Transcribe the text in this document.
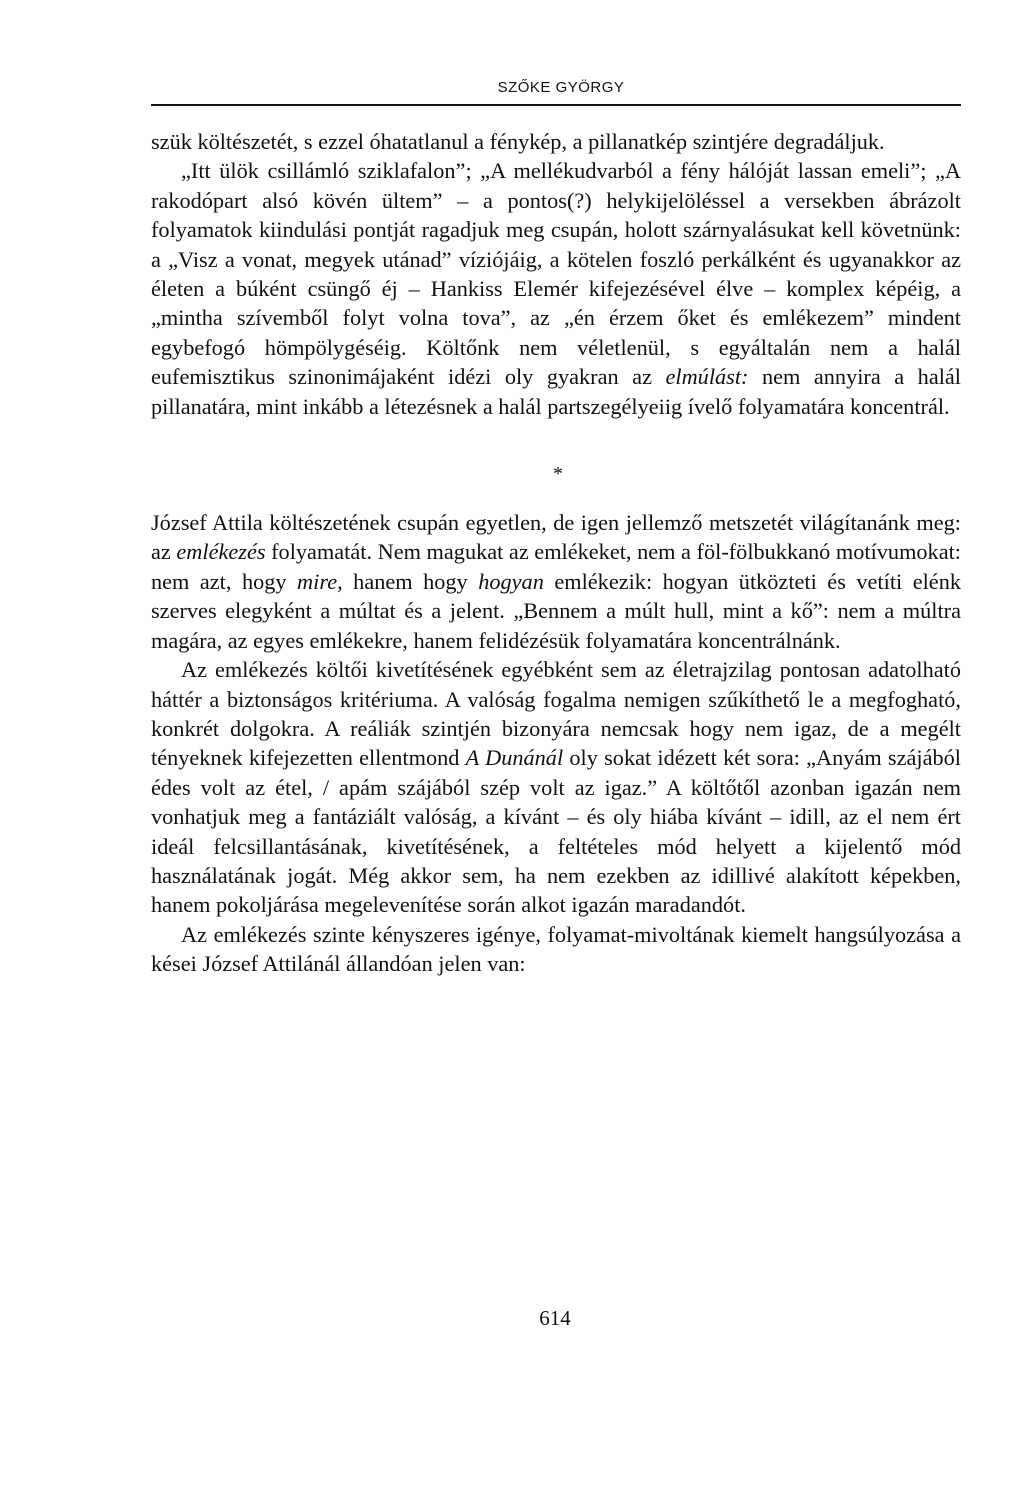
SZŐKE GYÖRGY

szük költészetét, s ezzel óhatatlanul a fénykép, a pillanatkép szintjére degradáljuk.

„Itt ülök csillámló sziklafalon”; „A mellékudvarból a fény hálóját lassan emeli”; „A rakodópart alsó kövén ültem” – a pontos(?) helykijelöléssel a versekben ábrázolt folyamatok kiindulási pontját ragadjuk meg csupán, holott szárnyalásukat kell követnünk: a „Visz a vonat, megyek utánad” víziójáig, a kötelen foszló perkálként és ugyanakkor az életen a búként csüngő éj – Hankiss Elemér kifejezésével élve – komplex képéig, a „mintha szívemből folyt volna tova”, az „én érzem őket és emlékezem” mindent egybefogó hömpölygéséig. Költőnk nem véletlenül, s egyáltalán nem a halál eufemisztikus szinonimájaként idézi oly gyakran az elmúlást: nem annyira a halál pillanatára, mint inkább a létezésnek a halál partszegélyeiig ívelő folyamatára koncentrál.

*

József Attila költészetének csupán egyetlen, de igen jellemző metszetét világítanánk meg: az emlékezés folyamatát. Nem magukat az emlékeket, nem a föl-fölbukkanó motívumokat: nem azt, hogy mire, hanem hogy hogyan emlékezik: hogyan ütközteti és vetíti elénk szerves elegyként a múltat és a jelent. „Bennem a múlt hull, mint a kő”: nem a múltra magára, az egyes emlékekre, hanem felidézésük folyamatára koncentrálnánk.

Az emlékezés költői kivetítésének egyébként sem az életrajzilag pontosan adatolható háttér a biztonságos kritériuma. A valóság fogalma nemigen szűkíthető le a megfogható, konkrét dolgokra. A reáliák szintjén bizonyára nemcsak hogy nem igaz, de a megélt tényeknek kifejezetten ellentmond A Dunánál oly sokat idézett két sora: „Anyám szájából édes volt az étel, / apám szájából szép volt az igaz.” A költőtől azonban igazán nem vonhatjuk meg a fantáziált valóság, a kívánt – és oly hiába kívánt – idill, az el nem ért ideál felcsillantásának, kivetítésének, a feltételes mód helyett a kijelentő mód használatának jogát. Még akkor sem, ha nem ezekben az idillivé alakított képekben, hanem pokoljárása megelevenítése során alkot igazán maradandót.

Az emlékezés szinte kényszeres igénye, folyamat-mivoltának kiemelt hangsúlyozása a kései József Attilánál állandóan jelen van:

614
